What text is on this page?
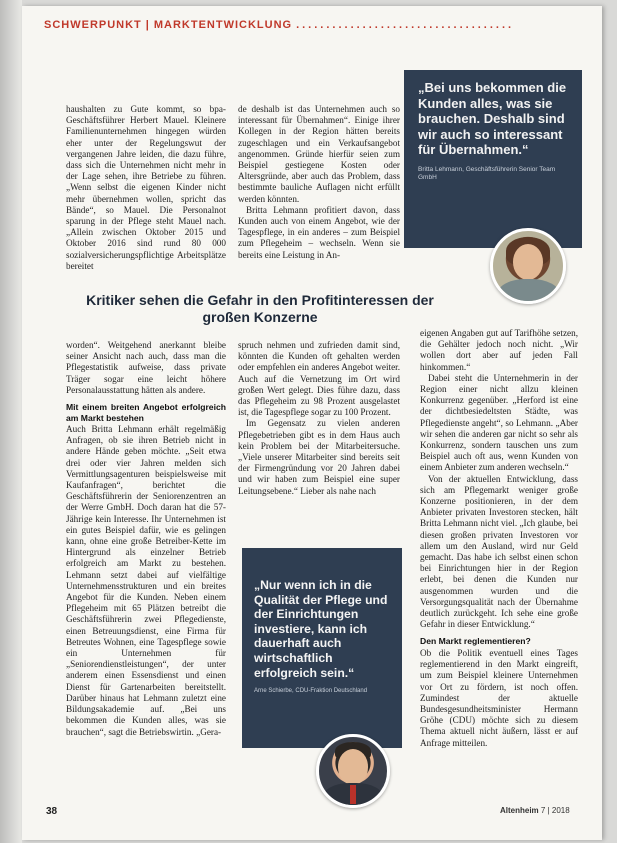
SCHWERPUNKT | MARKTENTWICKLUNG ....................................

haushalten zu Gute kommt, so bpa-Geschäftsführer Herbert Mauel. Kleinere Familienunternehmen hingegen würden eher unter der Regelungswut der vergangenen Jahre leiden, die dazu führe, dass sich die Unternehmen nicht mehr in der Lage sehen, ihre Betriebe zu führen. „Wenn selbst die eigenen Kinder nicht mehr übernehmen wollen, spricht das Bände“, so Mauel. Die Personalnot sparung in der Pflege steht Mauel nach. „Allein zwischen Oktober 2015 und Oktober 2016 sind rund 80 000 sozialversicherungspflichtige Arbeitsplätze bereitet

de deshalb ist das Unternehmen auch so interessant für Übernahmen“. Einige ihrer Kollegen in der Region hätten bereits zugeschlagen und ein Verkaufsangebot angenommen. Gründe hierfür seien zum Beispiel gestiegene Kosten oder Altersgründe, aber auch das Problem, dass bestimmte bauliche Auflagen nicht erfüllt werden könnten.

Britta Lehmann profitiert davon, dass Kunden auch von einem Angebot, wie der Tagespflege, in ein anderes – zum Beispiel zum Pflegeheim – wechseln. Wenn sie bereits eine Leistung in An-

„Bei uns bekommen die Kunden alles, was sie brauchen. Deshalb sind wir auch so interessant für Übernahmen.“
Britta Lehmann, Geschäftsführerin Senior Team GmbH
Kritiker sehen die Gefahr in den Profitinteressen der großen Konzerne

worden“. Weitgehend anerkannt bleibe seiner Ansicht nach auch, dass man die Pflegestatistik aufweise, dass private Träger sogar eine leicht höhere Personalausstattung hätten als andere.

Mit einem breiten Angebot erfolgreich am Markt bestehen

Auch Britta Lehmann erhält regelmäßig Anfragen, ob sie ihren Betrieb nicht in andere Hände geben möchte. „Seit etwa drei oder vier Jahren melden sich Vermittlungsagenturen beispielsweise mit Kaufanfragen“, berichtet die Geschäftsführerin der Seniorenzentren an der Werre GmbH. Doch daran hat die 57-Jährige kein Interesse. Ihr Unternehmen ist ein gutes Beispiel dafür, wie es gelingen kann, ohne eine große Betreiber-Kette im Hintergrund als einzelner Betrieb erfolgreich am Markt zu bestehen. Lehmann setzt dabei auf vielfältige Unternehmensstrukturen und ein breites Angebot für die Kunden. Neben einem Pflegeheim mit 65 Plätzen betreibt die Geschäftsführerin zwei Pflegedienste, einen Betreuungsdienst, eine Firma für Betreutes Wohnen, eine Tagespflege sowie ein Unternehmen für „Seniorendienstleistungen“, der unter anderem einen Essensdienst und einen Dienst für Gartenarbeiten bereitstellt. Darüber hinaus hat Lehmann zuletzt eine Bildungsakademie auf. „Bei uns bekommen die Kunden alles, was sie brauchen“, sagt die Betriebswirtin. „Gera-

spruch nehmen und zufrieden damit sind, könnten die Kunden oft gehalten werden oder empfehlen ein anderes Angebot weiter. Auch auf die Vernetzung im Ort wird großen Wert gelegt. Dies führe dazu, dass das Pflegeheim zu 98 Prozent ausgelastet ist, die Tagespflege sogar zu 100 Prozent.

Im Gegensatz zu vielen anderen Pflegebetrieben gibt es in dem Haus auch kein Problem bei der Mitarbeitersuche. „Viele unserer Mitarbeiter sind bereits seit der Firmengründung vor 20 Jahren dabei und wir haben zum Beispiel eine super Leitungsebene.“ Lieber als nahe nach

„Nur wenn ich in die Qualität der Pflege und der Einrichtungen investiere, kann ich dauerhaft auch wirtschaftlich erfolgreich sein.“
Arne Schierbe, CDU-Fraktion Deutschland

eigenen Angaben gut auf Tarifhöhe setzen, die Gehälter jedoch noch nicht. „Wir wollen dort aber auf jeden Fall hinkommen.“

Dabei steht die Unternehmerin in der Region einer nicht allzu kleinen Konkurrenz gegenüber. „Herford ist eine der dichtbesiedeltsten Städte, was Pflegedienste angeht“, so Lehmann. „Aber wir sehen die anderen gar nicht so sehr als Konkurrenz, sondern tauschen uns zum Beispiel auch oft aus, wenn Kunden von einem Anbieter zum anderen wechseln.“

Von der aktuellen Entwicklung, dass sich am Pflegemarkt weniger große Konzerne positionieren, in der dem Anbieter privaten Investoren stecken, hält Britta Lehmann nicht viel. „Ich glaube, bei diesen großen privaten Investoren vor allem um den Ausland, wird nur Geld gemacht. Das habe ich selbst einen schon bei Einrichtungen hier in der Region erlebt, bei denen die Kunden nur ausgenommen wurden und die Versorgungsqualität nach der Übernahme deutlich zurückgeht. Ich sehe eine große Gefahr in dieser Entwicklung.“

Den Markt reglementieren?

Ob die Politik eventuell eines Tages reglementierend in den Markt eingreift, um zum Beispiel kleinere Unternehmen vor Ort zu fördern, ist noch offen. Zumindest der aktuelle Bundesgesundheitsminister Hermann Gröhe (CDU) möchte sich zu diesem Thema aktuell nicht äußern, lässt er auf Anfrage mitteilen.

38	Altenheim 7 | 2018
